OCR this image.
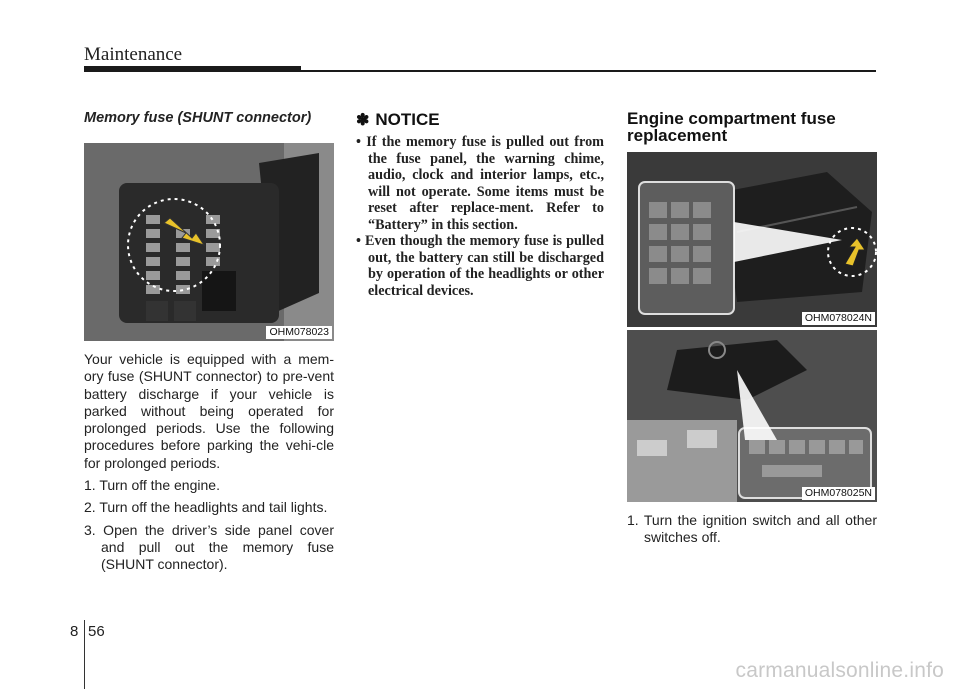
Maintenance
Memory fuse (SHUNT connector)
OHM078023

Your vehicle is equipped with a mem-ory fuse (SHUNT connector) to pre-vent battery discharge if your vehicle is parked without being operated for prolonged periods. Use the following procedures before parking the vehi-cle for prolonged periods.

1. Turn off the engine.

2. Turn off the headlights and tail lights.

3. Open the driver’s side panel cover and pull out the memory fuse (SHUNT connector).

✽ NOTICE

• If the memory fuse is pulled out from the fuse panel, the warning chime, audio, clock and interior lamps, etc., will not operate. Some items must be reset after replace-ment. Refer to “Battery” in this section.

• Even though the memory fuse is pulled out, the battery can still be discharged by operation of the headlights or other electrical devices.

Engine compartment fuse replacement
OHM078024N
OHM078025N

1. Turn the ignition switch and all other switches off.

8 56
carmanualsonline.info
